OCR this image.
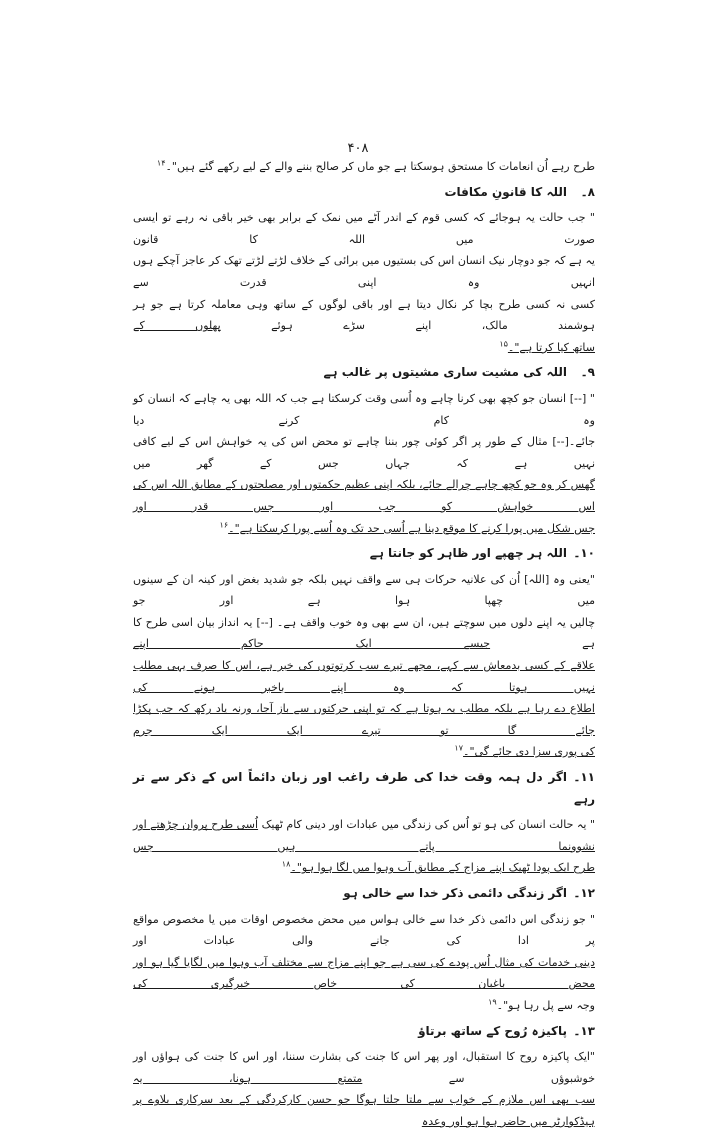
۴۰۸

طرح رہے اُن انعامات کا مستحق ہوسکتا ہے جو ماں کر صالح بننے والے کے لیے رکھے گئے ہیں"۔$^{۱۴}$

۸۔اللہ کا قانونِ مکافات

" جب حالت یہ ہوجائے کہ کسی قوم کے اندر آٹے میں نمک کے برابر بھی خیر باقی نہ رہے تو ایسی صورت میں اللہ کا قانون

یہ ہے کہ جو دوچار نیک انسان اس کی بستیوں میں برائی کے خلاف لڑتے لڑتے تھک کر عاجز آچکے ہوں انہیں وہ اپنی قدرت سے

کسی نہ کسی طرح بچا کر نکال دیتا ہے اور باقی لوگوں کے ساتھ وہی معاملہ کرتا ہے جو ہر ہوشمند مالک، اپنے سڑے ہوئے پھلوں کے

ساتھ کیا کرتا ہے"۔$^{۱۵}$

۹۔اللہ کی مشیت ساری مشیتوں پر غالب ہے

" [--] انسان جو کچھ بھی کرنا چاہے وہ اُسی وقت کرسکتا ہے جب کہ اللہ بھی یہ چاہے کہ انسان کو وہ کام کرنے دیا

جائے۔[--] مثال کے طور پر اگر کوئی چور بننا چاہے تو محض اس کی یہ خواہش اس کے لیے کافی نہیں ہے کہ جہاں جس کے گھر میں

گھس کر وہ جو کچھ چاہے چرالے جائے، بلکہ اپنی عظیم حکمتوں اور مصلحتوں کے مطابق اللہ اس کی اس خواہش کو جب اور جس قدر اور

جس شکل میں پورا کرنے کا موقع دینا ہے اُسی حد تک وہ اُسے پورا کرسکتا ہے"۔$^{۱۶}$

۱۰۔اللہ ہر چھپے اور ظاہر کو جانتا ہے

"یعنی وہ [اللہ] اُن کی علانیہ حرکات ہی سے واقف نہیں بلکہ جو شدید بغض اور کینہ ان کے سینوں میں چھپا ہوا ہے اور جو

چالیں یہ اپنے دلوں میں سوچتے ہیں، ان سے بھی وہ خوب واقف ہے۔ [--] یہ انداز بیان اسی طرح کا ہے جیسے ایک حاکم اپنے

علاقے کے کسی بدمعاش سے کہے، مجھے تیرے سب کرتوتوں کی خبر ہے، اس کا صرف یہی مطلب نہیں ہوتا کہ وہ اپنے باخبر ہونے کی

اطلاع دے رہا ہے بلکہ مطلب یہ ہوتا ہے کہ تو اپنی حرکتوں سے باز آجا، ورنہ یاد رکھ کہ جب پکڑا جائے گا تو تیرے ایک ایک جرم

کی پوری سزا دی جائے گی"۔$^{۱۷}$

۱۱۔اگر دل ہمہ وقت خدا کی طرف راغب اور زبان دائماً اس کے ذکر سے تر رہے

" یہ حالت انسان کی ہو تو اُس کی زندگی میں عبادات اور دینی کام ٹھیک اُسی طرح پروان چڑھتے اور نشوونما پاتے ہیں جس

طرح ایک پودا ٹھیک اپنے مزاج کے مطابق آب وہوا میں لگا ہوا ہو"۔$^{۱۸}$

۱۲۔اگر زندگی دائمی ذکر خدا سے خالی ہو

" جو زندگی اس دائمی ذکر خدا سے خالی ہواس میں محض مخصوص اوقات میں یا مخصوص مواقع پر ادا کی جانے والی عبادات اور

دینی خدمات کی مثال اُس پودے کی سی ہے جو اپنے مزاج سے مختلف آب وہوا میں لگایا گیا ہو اور محض باغبان کی خاص خبرگیری کی

وجہ سے پل رہا ہو"۔$^{۱۹}$

۱۳۔پاکیزہ رُوح کے ساتھ برتاؤ

"ایک پاکیزہ روح کا استقبال، اور پھر اس کا جنت کی بشارت سننا، اور اس کا جنت کی ہواؤں اور خوشبوؤں سے متمتع ہونا، یہ

سب بھی اس ملازم کے خواب سے ملتا جلتا ہوگا جو حسن کارکردگی کے بعد سرکاری بلاوے پر ہیڈکوارٹر میں حاضر ہوا ہو اور وعدہ
